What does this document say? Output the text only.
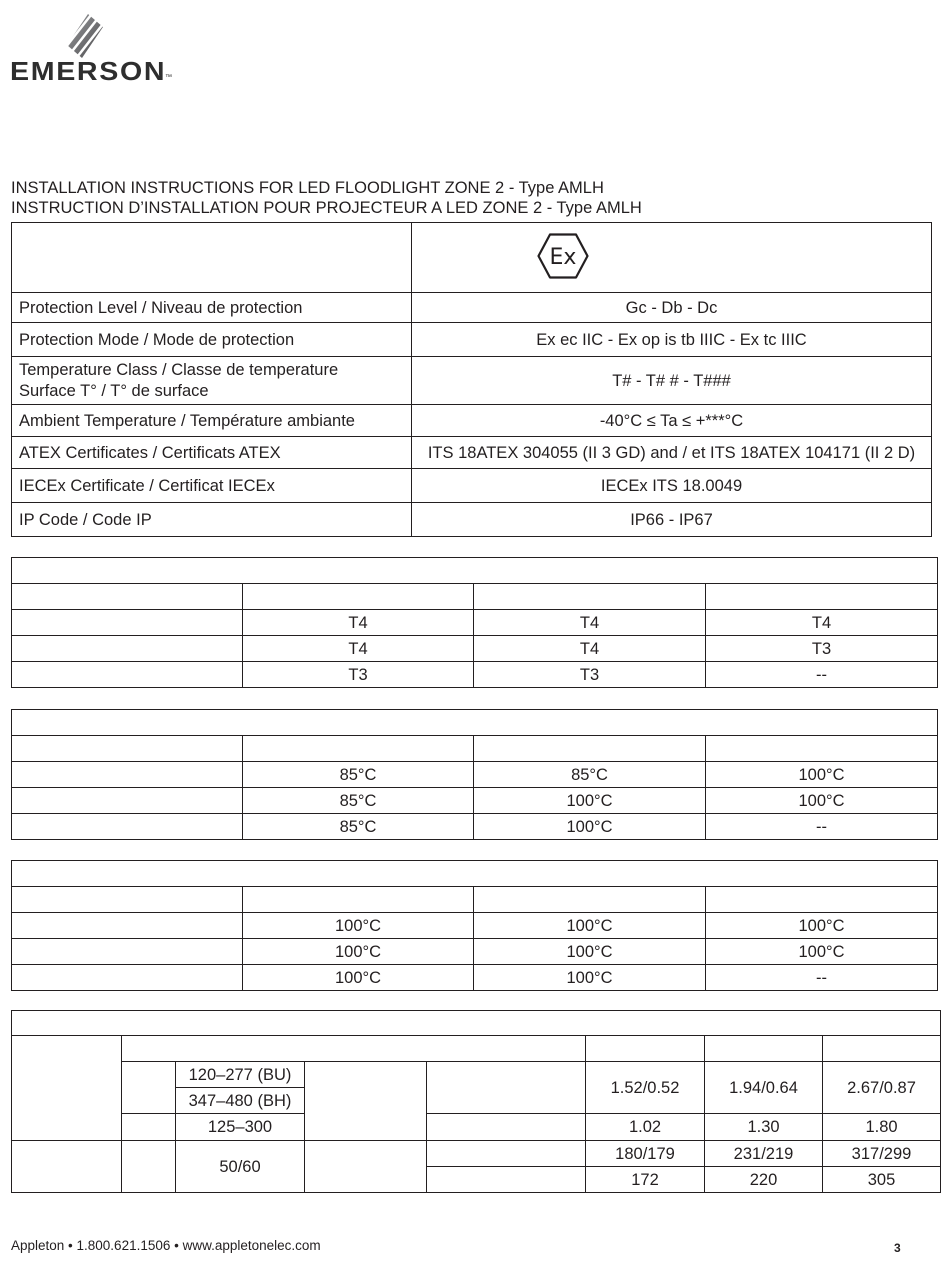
EMERSON
™
INSTALLATION INSTRUCTIONS FOR LED FLOODLIGHT ZONE 2 - Type AMLH
INSTRUCTION D’INSTALLATION POUR PROJECTEUR A LED ZONE 2 - Type AMLH

Protection Level / Niveau de protection	Gc - Db - Dc
Protection Mode / Mode de protection	Ex ec IIC - Ex op is tb IIIC - Ex tc IIIC

Temperature Class / Classe de temperature
Surface T° / T° de surface	T# - T# # - T###
Ambient Temperature / Température ambiante	-40°C ≤ Ta ≤ +***°C
ATEX Certificates / Certificats ATEX	ITS 18ATEX 304055 (II 3 GD) and / et ITS 18ATEX 104171 (II 2 D)
IECEx Certificate / Certificat IECEx	IECEx ITS 18.0049
IP Code / Code IP	IP66 - IP67
Ex

	T4	T4	T4
	T4	T4	T3
	T3	T3	--

	85°C	85°C	100°C
	85°C	100°C	100°C
	85°C	100°C	--

	100°C	100°C	100°C
	100°C	100°C	100°C
	100°C	100°C	--

		120–277 (BU)			1.52/0.52	1.94/0.64	2.67/0.87
		347–480 (BH)					
		125–300			1.02	1.30	1.80
		50/60			180/179	231/219	317/299
					172	220	305
Appleton • 1.800.621.1506 • www.appletonelec.com	3
